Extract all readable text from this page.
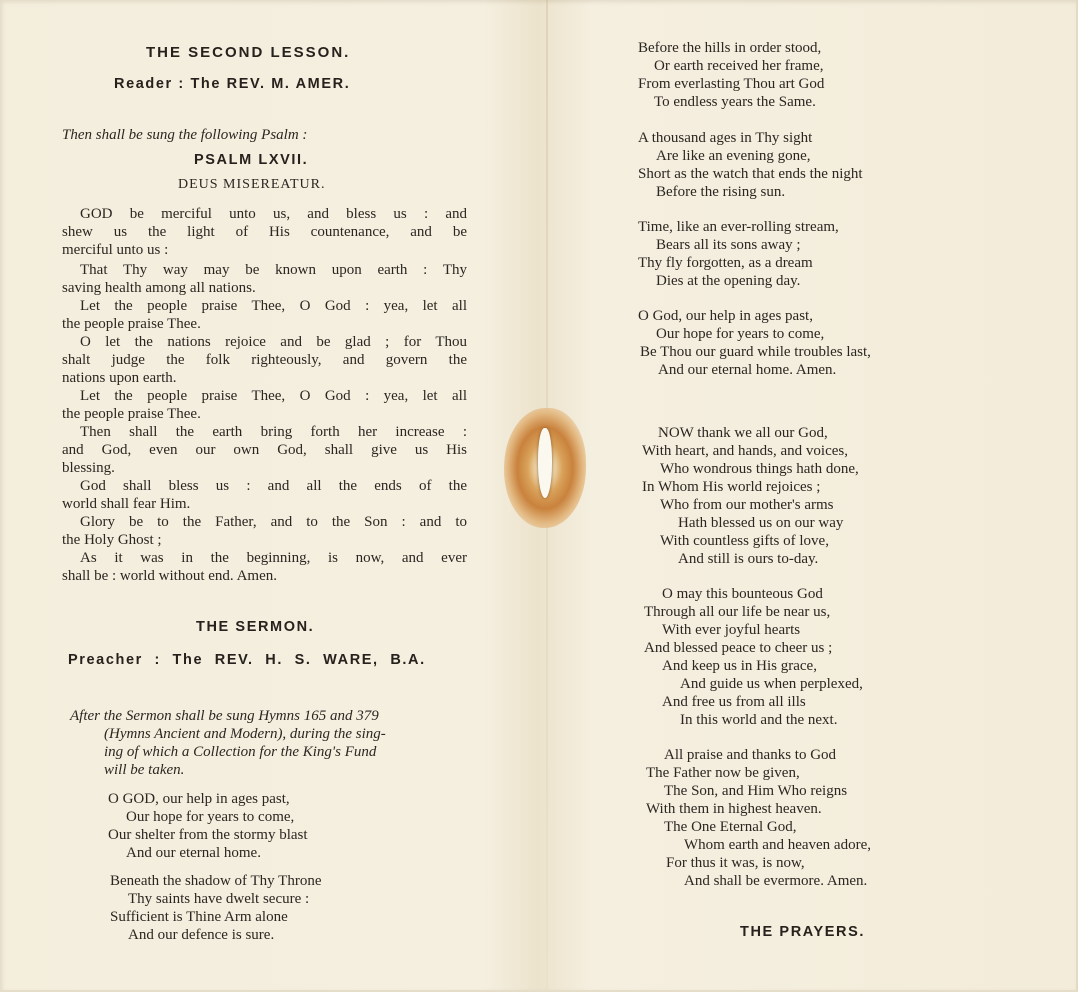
THE SECOND LESSON.
Reader : The REV. M. AMER.
Then shall be sung the following Psalm :
PSALM LXVII.
DEUS MISEREATUR.
GOD be merciful unto us, and bless us : and
shew us the light of His countenance, and be
merciful unto us :
That Thy way may be known upon earth : Thy
saving health among all nations.
Let the people praise Thee, O God : yea, let all
the people praise Thee.
O let the nations rejoice and be glad ; for Thou
shalt judge the folk righteously, and govern the
nations upon earth.
Let the people praise Thee, O God : yea, let all
the people praise Thee.
Then shall the earth bring forth her increase :
and God, even our own God, shall give us His
blessing.
God shall bless us : and all the ends of the
world shall fear Him.
Glory be to the Father, and to the Son : and to
the Holy Ghost ;
As it was in the beginning, is now, and ever
shall be : world without end. Amen.
THE SERMON.
Preacher : The REV. H. S. WARE, B.A.
After the Sermon shall be sung Hymns 165 and 379
(Hymns Ancient and Modern), during the sing-
ing of which a Collection for the King's Fund
will be taken.
O GOD, our help in ages past,
Our hope for years to come,
Our shelter from the stormy blast
And our eternal home.
Beneath the shadow of Thy Throne
Thy saints have dwelt secure :
Sufficient is Thine Arm alone
And our defence is sure.
Before the hills in order stood,
Or earth received her frame,
From everlasting Thou art God
To endless years the Same.
A thousand ages in Thy sight
Are like an evening gone,
Short as the watch that ends the night
Before the rising sun.
Time, like an ever-rolling stream,
Bears all its sons away ;
Thy fly forgotten, as a dream
Dies at the opening day.
O God, our help in ages past,
Our hope for years to come,
Be Thou our guard while troubles last,
And our eternal home. Amen.
NOW thank we all our God,
With heart, and hands, and voices,
Who wondrous things hath done,
In Whom His world rejoices ;
Who from our mother's arms
Hath blessed us on our way
With countless gifts of love,
And still is ours to-day.
O may this bounteous God
Through all our life be near us,
With ever joyful hearts
And blessed peace to cheer us ;
And keep us in His grace,
And guide us when perplexed,
And free us from all ills
In this world and the next.
All praise and thanks to God
The Father now be given,
The Son, and Him Who reigns
With them in highest heaven.
The One Eternal God,
Whom earth and heaven adore,
For thus it was, is now,
And shall be evermore. Amen.
THE PRAYERS.
